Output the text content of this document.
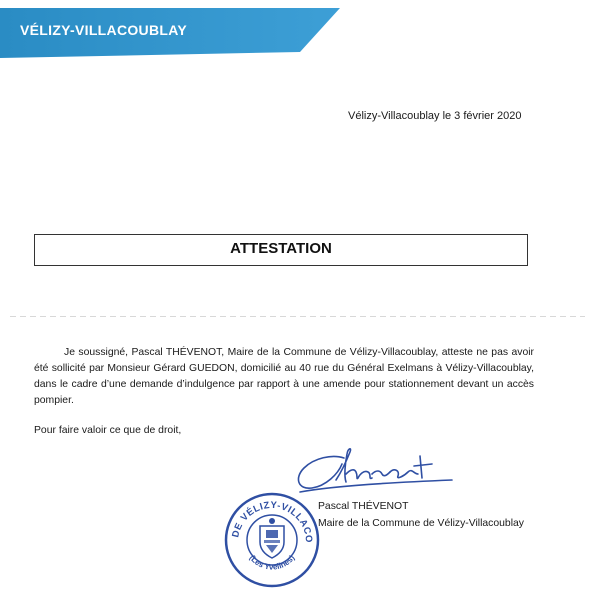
VÉLIZY-VILLACOUBLAY
Vélizy-Villacoublay le 3 février 2020
ATTESTATION
Je soussigné, Pascal THÉVENOT, Maire de la Commune de Vélizy-Villacoublay, atteste ne pas avoir été sollicité par Monsieur Gérard GUEDON, domicilié au 40 rue du Général Exelmans à Vélizy-Villacoublay, dans le cadre d’une demande d’indulgence par rapport à une amende pour stationnement devant un accès pompier.
Pour faire valoir ce que de droit,
Pascal THÉVENOT
Maire de la Commune de Vélizy-Villacoublay
DE VÉLIZY-VILLACO
(Les Yvelines)
